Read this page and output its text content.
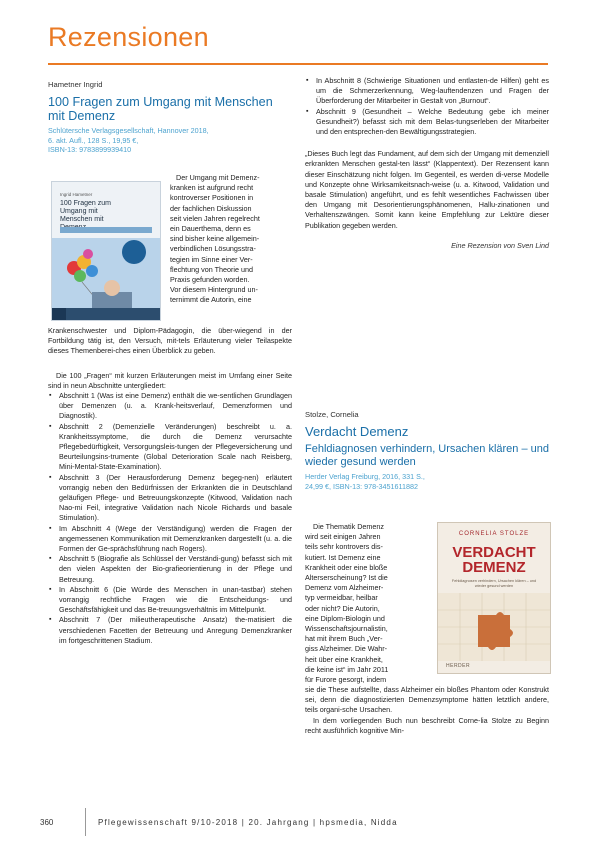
Rezensionen
Hametner Ingrid
100 Fragen zum Umgang mit Menschen mit Demenz
Schlütersche Verlagsgesellschaft, Hannover 2018,
6. akt. Aufl., 128 S., 19,95 €,
ISBN-13: 9783899939410
Ingrid Hametner
100 Fragen zum Umgang mit Menschen mit
Der Umgang mit Demenz-
kranken ist aufgrund recht
kontroverser Positionen in
der fachlichen Diskussion
seit vielen Jahren regelrecht
ein Dauerthema, denn es
sind bisher keine allgemein-
verbindlichen Lösungsstra-
tegien im Sinne einer Ver-
flechtung von Theorie und
Praxis gefunden worden.
Vor diesem Hintergrund un-
ternimmt die Autorin, eine

Krankenschwester und Diplom-Pädagogin, die über-wiegend in der Fortbildung tätig ist, den Versuch, mit-tels Erläuterung vieler Teilaspekte dieses Themenberei-ches einen Überblick zu geben.

Die 100 „Fragen“ mit kurzen Erläuterungen meist im Umfang einer Seite sind in neun Abschnitte untergliedert:

▪ Abschnitt 1 (Was ist eine Demenz) enthält die we-sentlichen Grundlagen über Demenzen (u. a. Krank-heitsverlauf, Demenzformen und Diagnostik).
▪ Abschnitt 2 (Demenzielle Veränderungen) beschreibt u. a. Krankheitssymptome, die durch die Demenz verursachte Pflegebedürftigkeit, Versorgungsleis-tungen der Pflegeversicherung und Beurteilungsins-trumente (Global Deterioration Scale nach Reisberg, Mini-Mental-State-Examination).
▪ Abschnitt 3 (Der Herausforderung Demenz begeg-nen) erläutert vorrangig neben den Bedürfnissen der Erkrankten die in Deutschland geläufigen Pflege- und Betreuungskonzepte (Kitwood, Validation nach Nao-mi Feil, integrative Validation nach Nicole Richards und basale Stimulation).
▪ Im Abschnitt 4 (Wege der Verständigung) werden die Fragen der angemessenen Kommunikation mit Demenzkranken dargestellt (u. a. die Formen der Ge-sprächsführung nach Rogers).
▪ Abschnitt 5 (Biografie als Schlüssel der Verständi-gung) befasst sich mit den vielen Aspekten der Bio-grafieorientierung in der Pflege und Betreuung.
▪ In Abschnitt 6 (Die Würde des Menschen in unan-tastbar) stehen vorrangig rechtliche Fragen wie die Entscheidungs- und Geschäftsfähigkeit und das Be-treuungsverhältnis im Mittelpunkt.
▪ Abschnitt 7 (Der milieutherapeutische Ansatz) the-matisiert die verschiedenen Facetten der Betreuung und Anregung Demenzkranker im fortgeschrittenen Stadium.
▪ In Abschnitt 8 (Schwierige Situationen und entlasten-de Hilfen) geht es um die Schmerzerkennung, Weg-lauftendenzen und Fragen der Überforderung der Mitarbeiter in Gestalt von „Burnout“.
▪ Abschnitt 9 (Gesundheit – Welche Bedeutung gebe ich meiner Gesundheit?) befasst sich mit dem Belas-tungserleben der Mitarbeiter und den entsprechen-den Bewältigungsstrategien.

„Dieses Buch legt das Fundament, auf dem sich der Umgang mit demenziell erkrankten Menschen gestal-ten lässt“ (Klappentext). Der Rezensent kann dieser Einschätzung nicht folgen. Im Gegenteil, es werden di-verse Modelle und Konzepte ohne Wirksamkeitsnach-weise (u. a. Kitwood, Validation und basale Stimulation) angeführt, und es fehlt wesentliches Fachwissen über den Umgang mit Desorientierungsphänomenen, Hallu-zinationen und Verhaltenszwängen. Somit kann keine Empfehlung zur Lektüre dieser Publikation gegeben werden.

Eine Rezension von Sven Lind

Stolze, Cornelia
Verdacht Demenz
Fehldiagnosen verhindern, Ursachen klären – und wieder gesund werden
Herder Verlag Freiburg, 2016, 331 S.,
24,99 €, ISBN-13: 978-3451611882
Die Thematik Demenz
wird seit einigen Jahren
teils sehr kontrovers dis-
kutiert. Ist Demenz eine
Krankheit oder eine bloße
Alterserscheinung? Ist die
Demenz vom Alzheimer-
typ vermeidbar, heilbar
oder nicht? Die Autorin,
eine Diplom-Biologin und
Wissenschaftsjournalistin,
hat mit ihrem Buch „Ver-
giss Alzheimer. Die Wahr-
heit über eine Krankheit,
die keine ist“ im Jahr 2011
für Furore gesorgt, indem
CORNELIA STOLZE
VERDACHT
DEMENZ
Fehldiagnosen verhindern, Ursachen klären – und wieder gesund werden
HERDER

sie die These aufstellte, dass Alzheimer ein bloßes Phantom oder Konstrukt sei, denn die diagnostizierten Demenzsymptome hätten letztlich andere, teils organi-sche Ursachen.

In dem vorliegenden Buch nun beschreibt Corne-lia Stolze zu Beginn recht ausführlich kognitive Min-

360	Pflegewissenschaft 9/10-2018 | 20. Jahrgang | hpsmedia, Nidda
